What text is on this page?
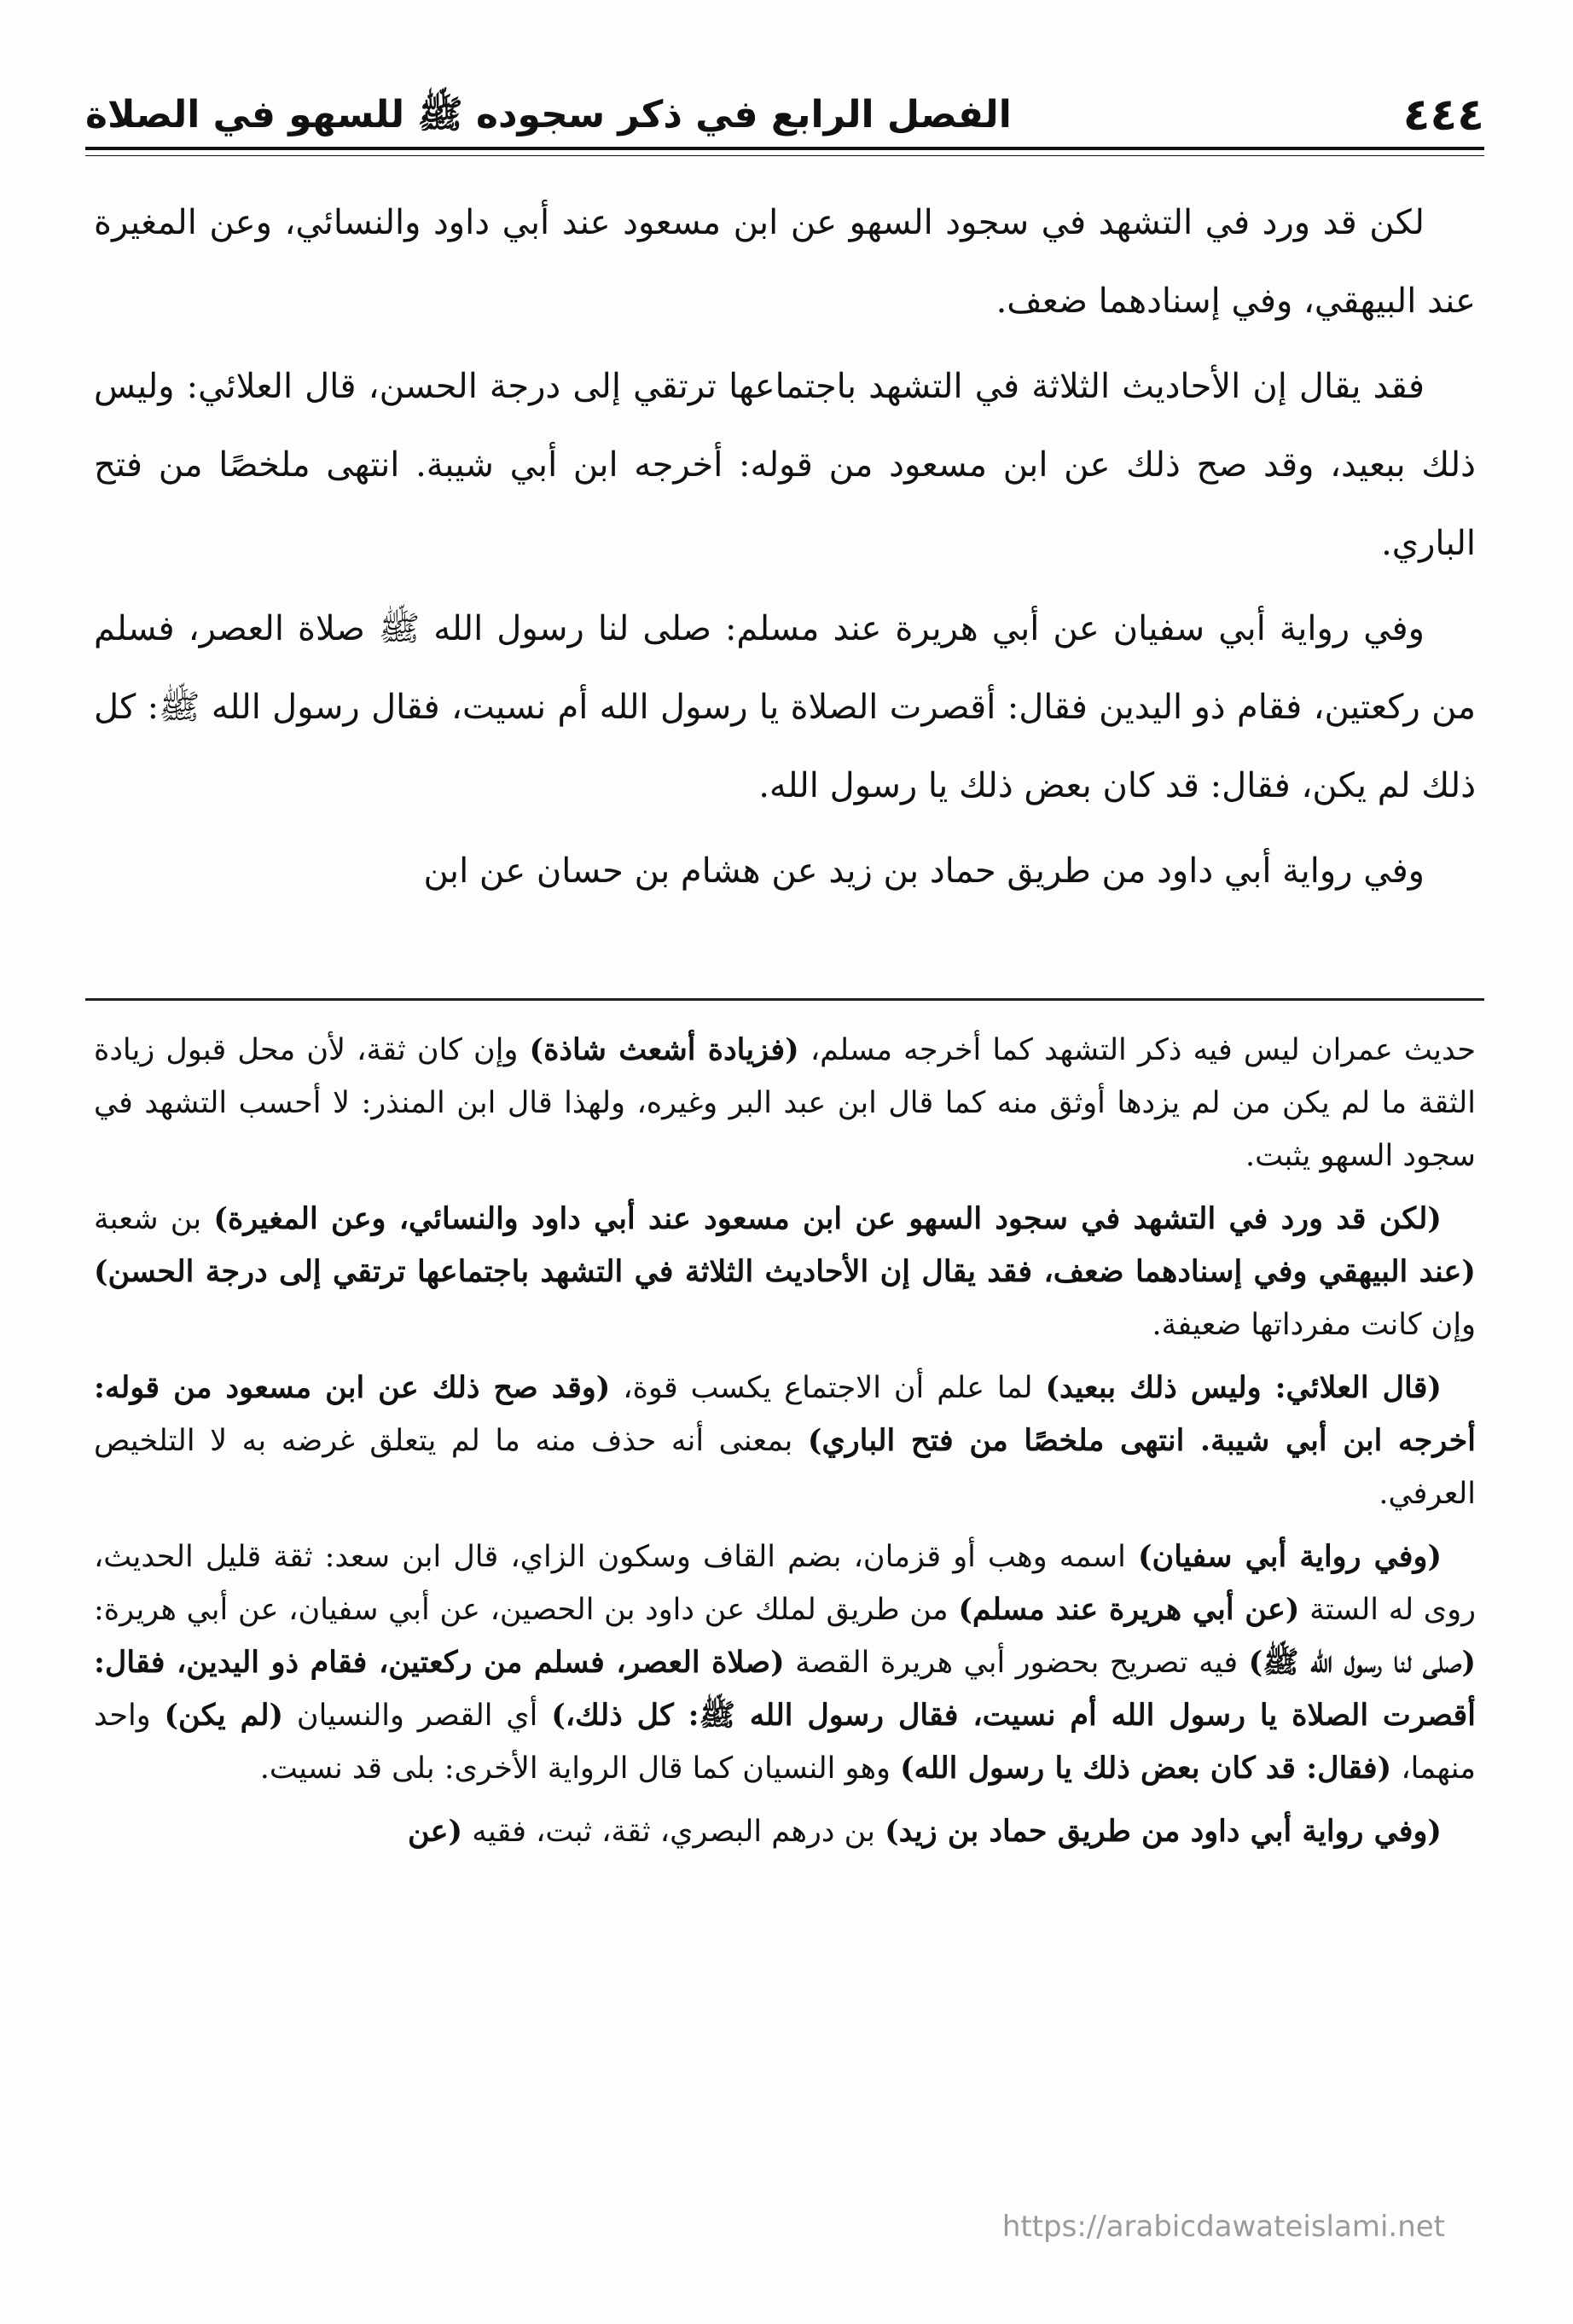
٤٤٤
الفصل الرابع في ذكر سجوده ﷺ للسهو في الصلاة

لكن قد ورد في التشهد في سجود السهو عن ابن مسعود عند أبي داود والنسائي، وعن المغيرة عند البيهقي، وفي إسنادهما ضعف.

فقد يقال إن الأحاديث الثلاثة في التشهد باجتماعها ترتقي إلى درجة الحسن، قال العلائي: وليس ذلك ببعيد، وقد صح ذلك عن ابن مسعود من قوله: أخرجه ابن أبي شيبة. انتهى ملخصًا من فتح الباري.

وفي رواية أبي سفيان عن أبي هريرة عند مسلم: صلى لنا رسول الله ﷺ صلاة العصر، فسلم من ركعتين، فقام ذو اليدين فقال: أقصرت الصلاة يا رسول الله أم نسيت، فقال رسول الله ﷺ: كل ذلك لم يكن، فقال: قد كان بعض ذلك يا رسول الله.

وفي رواية أبي داود من طريق حماد بن زيد عن هشام بن حسان عن ابن

حديث عمران ليس فيه ذكر التشهد كما أخرجه مسلم، (فزيادة أشعث شاذة) وإن كان ثقة، لأن محل قبول زيادة الثقة ما لم يكن من لم يزدها أوثق منه كما قال ابن عبد البر وغيره، ولهذا قال ابن المنذر: لا أحسب التشهد في سجود السهو يثبت.

(لكن قد ورد في التشهد في سجود السهو عن ابن مسعود عند أبي داود والنسائي، وعن المغيرة) بن شعبة (عند البيهقي وفي إسنادهما ضعف، فقد يقال إن الأحاديث الثلاثة في التشهد باجتماعها ترتقي إلى درجة الحسن) وإن كانت مفرداتها ضعيفة.

(قال العلائي: وليس ذلك ببعيد) لما علم أن الاجتماع يكسب قوة، (وقد صح ذلك عن ابن مسعود من قوله: أخرجه ابن أبي شيبة. انتهى ملخصًا من فتح الباري) بمعنى أنه حذف منه ما لم يتعلق غرضه به لا التلخيص العرفي.

(وفي رواية أبي سفيان) اسمه وهب أو قزمان، بضم القاف وسكون الزاي، قال ابن سعد: ثقة قليل الحديث، روى له الستة (عن أبي هريرة عند مسلم) من طريق لملك عن داود بن الحصين، عن أبي سفيان، عن أبي هريرة: (صلى لنا رسول الله ﷺ) فيه تصريح بحضور أبي هريرة القصة (صلاة العصر، فسلم من ركعتين، فقام ذو اليدين، فقال: أقصرت الصلاة يا رسول الله أم نسيت، فقال رسول الله ﷺ: كل ذلك،) أي القصر والنسيان (لم يكن) واحد منهما، (فقال: قد كان بعض ذلك يا رسول الله) وهو النسيان كما قال الرواية الأخرى: بلى قد نسيت.

(وفي رواية أبي داود من طريق حماد بن زيد) بن درهم البصري، ثقة، ثبت، فقيه (عن

https://arabicdawateislami.net
